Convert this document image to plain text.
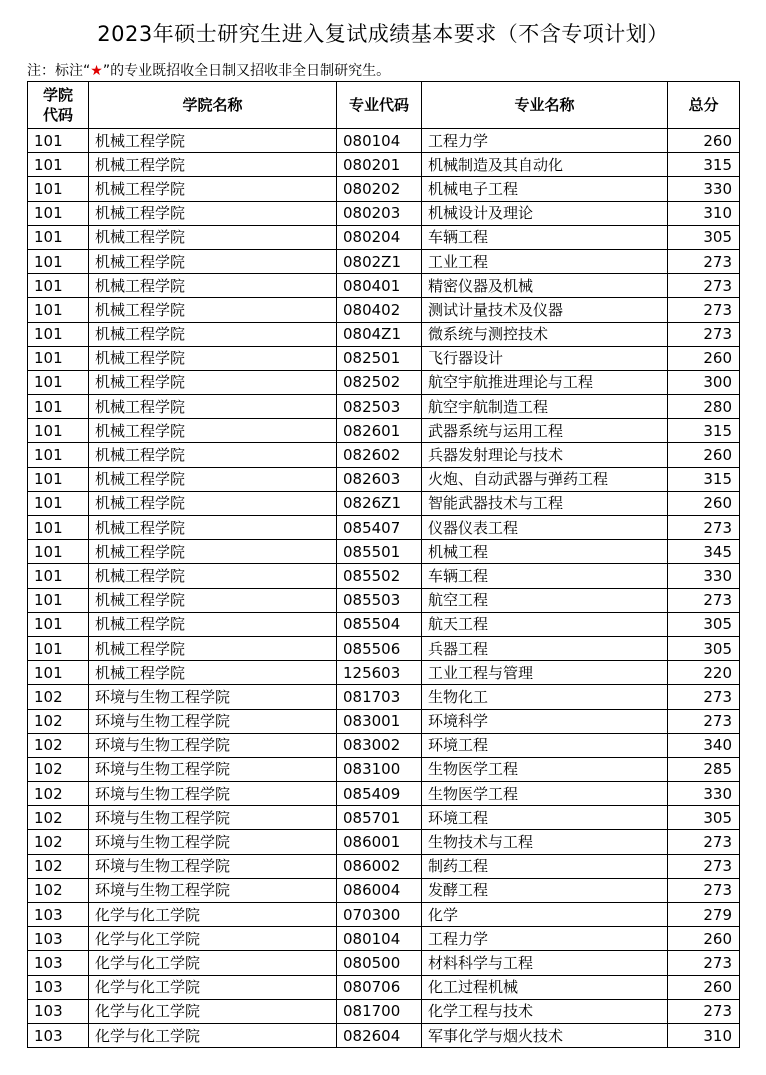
2023年硕士研究生进入复试成绩基本要求（不含专项计划）
注：标注“★”的专业既招收全日制又招收非全日制研究生。
学院代码	学院名称	专业代码	专业名称	总分
101	机械工程学院	080104	工程力学	260
101	机械工程学院	080201	机械制造及其自动化	315
101	机械工程学院	080202	机械电子工程	330
101	机械工程学院	080203	机械设计及理论	310
101	机械工程学院	080204	车辆工程	305
101	机械工程学院	0802Z1	工业工程	273
101	机械工程学院	080401	精密仪器及机械	273
101	机械工程学院	080402	测试计量技术及仪器	273
101	机械工程学院	0804Z1	微系统与测控技术	273
101	机械工程学院	082501	飞行器设计	260
101	机械工程学院	082502	航空宇航推进理论与工程	300
101	机械工程学院	082503	航空宇航制造工程	280
101	机械工程学院	082601	武器系统与运用工程	315
101	机械工程学院	082602	兵器发射理论与技术	260
101	机械工程学院	082603	火炮、自动武器与弹药工程	315
101	机械工程学院	0826Z1	智能武器技术与工程	260
101	机械工程学院	085407	仪器仪表工程	273
101	机械工程学院	085501	机械工程	345
101	机械工程学院	085502	车辆工程	330
101	机械工程学院	085503	航空工程	273
101	机械工程学院	085504	航天工程	305
101	机械工程学院	085506	兵器工程	305
101	机械工程学院	125603	工业工程与管理	220
102	环境与生物工程学院	081703	生物化工	273
102	环境与生物工程学院	083001	环境科学	273
102	环境与生物工程学院	083002	环境工程	340
102	环境与生物工程学院	083100	生物医学工程	285
102	环境与生物工程学院	085409	生物医学工程	330
102	环境与生物工程学院	085701	环境工程	305
102	环境与生物工程学院	086001	生物技术与工程	273
102	环境与生物工程学院	086002	制药工程	273
102	环境与生物工程学院	086004	发酵工程	273
103	化学与化工学院	070300	化学	279
103	化学与化工学院	080104	工程力学	260
103	化学与化工学院	080500	材料科学与工程	273
103	化学与化工学院	080706	化工过程机械	260
103	化学与化工学院	081700	化学工程与技术	273
103	化学与化工学院	082604	军事化学与烟火技术	310
